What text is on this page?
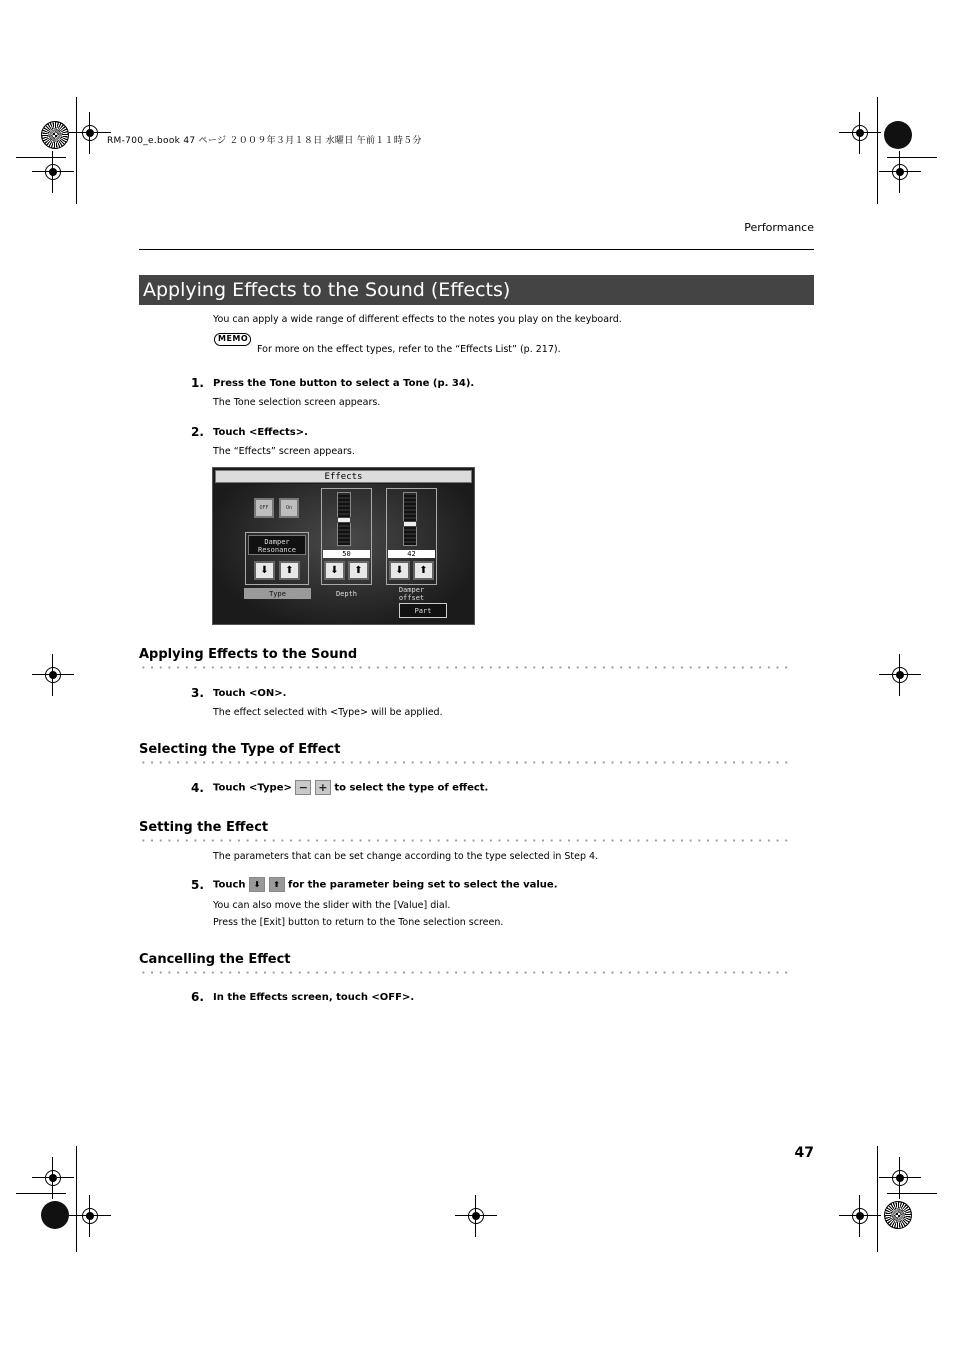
RM-700_e.book 47 ページ ２００９年３月１８日 水曜日 午前１１時５分
Performance
Applying Effects to the Sound (Effects)
You can apply a wide range of different effects to the notes you play on the keyboard.
MEMO
For more on the effect types, refer to the “Effects List” (p. 217).
1. Press the Tone button to select a Tone (p. 34).
The Tone selection screen appears.
2. Touch <Effects>.
The “Effects” screen appears.
Effects
OFF	On
Damper
Resonance
⬇	⬆
50
⬇	⬆
42
⬇	⬆
Type	Depth	Damper
offset
Part
Applying Effects to the Sound
3. Touch <ON>.
The effect selected with <Type> will be applied.
Selecting the Type of Effect
4. Touch <Type> − + to select the type of effect.
Setting the Effect
The parameters that can be set change according to the type selected in Step 4.
5. Touch ⬇ ⬆ for the parameter being set to select the value.
You can also move the slider with the [Value] dial.
Press the [Exit] button to return to the Tone selection screen.
Cancelling the Effect
6. In the Effects screen, touch <OFF>.
47
